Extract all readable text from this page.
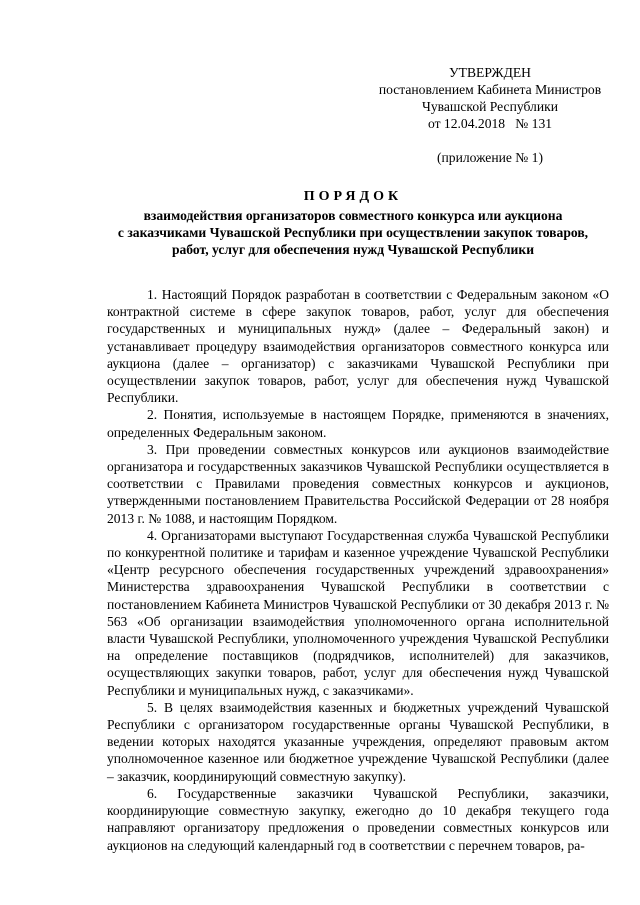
УТВЕРЖДЕН
постановлением Кабинета Министров
Чувашской Республики
от 12.04.2018   № 131
(приложение № 1)
ПОРЯДОК
взаимодействия организаторов совместного конкурса или аукциона
с заказчиками Чувашской Республики при осуществлении закупок товаров,
работ, услуг для обеспечения нужд Чувашской Республики

1. Настоящий Порядок разработан в соответствии с Федеральным законом «О контрактной системе в сфере закупок товаров, работ, услуг для обеспечения государственных и муниципальных нужд» (далее – Федеральный закон) и устанавливает процедуру взаимодействия организаторов совместного конкурса или аукциона (далее – организатор) с заказчиками Чувашской Республики при осуществлении закупок товаров, работ, услуг для обеспечения нужд Чувашской Республики.

2. Понятия, используемые в настоящем Порядке, применяются в значениях, определенных Федеральным законом.

3. При проведении совместных конкурсов или аукционов взаимодействие организатора и государственных заказчиков Чувашской Республики осуществляется в соответствии с Правилами проведения совместных конкурсов и аукционов, утвержденными постановлением Правительства Российской Федерации от 28 ноября 2013 г. № 1088, и настоящим Порядком.

4. Организаторами выступают Государственная служба Чувашской Республики по конкурентной политике и тарифам и казенное учреждение Чувашской Республики «Центр ресурсного обеспечения государственных учреждений здравоохранения» Министерства здравоохранения Чувашской Республики в соответствии с постановлением Кабинета Министров Чувашской Республики от 30 декабря 2013 г. № 563 «Об организации взаимодействия уполномоченного органа исполнительной власти Чувашской Республики, уполномоченного учреждения Чувашской Республики на определение поставщиков (подрядчиков, исполнителей) для заказчиков, осуществляющих закупки товаров, работ, услуг для обеспечения нужд Чувашской Республики и муниципальных нужд, с заказчиками».

5. В целях взаимодействия казенных и бюджетных учреждений Чувашской Республики с организатором государственные органы Чувашской Республики, в ведении которых находятся указанные учреждения, определяют правовым актом уполномоченное казенное или бюджетное учреждение Чувашской Республики (далее – заказчик, координирующий совместную закупку).

6. Государственные заказчики Чувашской Республики, заказчики, координирующие совместную закупку, ежегодно до 10 декабря текущего года направляют организатору предложения о проведении совместных конкурсов или аукционов на следующий календарный год в соответствии с перечнем товаров, ра-
